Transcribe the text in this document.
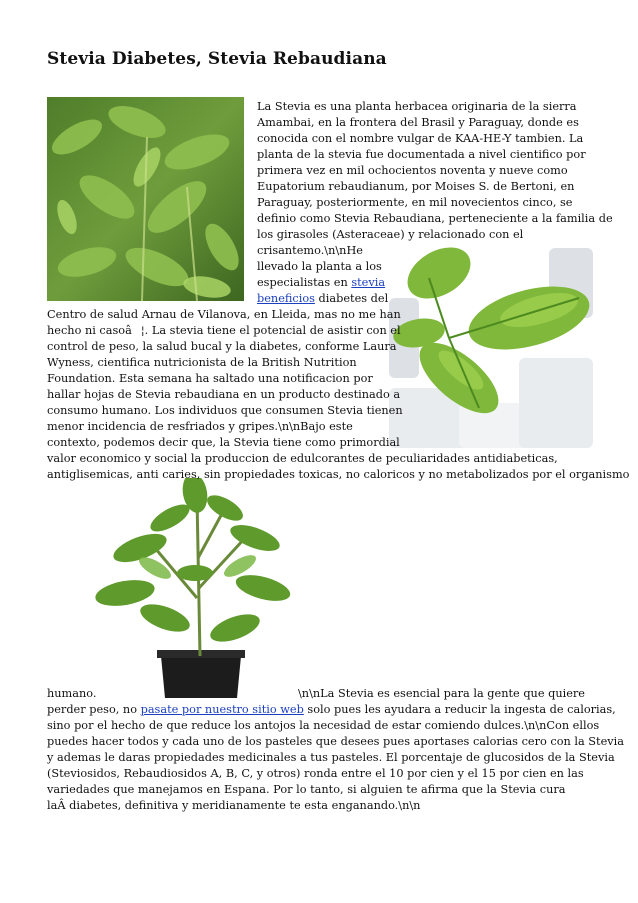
Stevia Diabetes, Stevia Rebaudiana

La Stevia es una planta herbacea originaria de la sierra

Amambai, en la frontera del Brasil y Paraguay, donde es

conocida con el nombre vulgar de KAA-HE-Y tambien. La

planta de la stevia fue documentada a nivel cientifico por

primera vez en mil ochocientos noventa y nueve como

Eupatorium rebaudianum, por Moises S. de Bertoni, en

Paraguay, posteriormente, en mil novecientos cinco, se

definio como Stevia Rebaudiana, perteneciente a la familia de

los girasoles (Asteraceae) y relacionado con el

crisantemo.\n\nHe

llevado la planta a los

especialistas en stevia

beneficios diabetes del

Centro de salud Arnau de Vilanova, en Lleida, mas no me han

hecho ni casoâ¦. La stevia tiene el potencial de asistir con el

control de peso, la salud bucal y la diabetes, conforme Laura

Wyness, cientifica nutricionista de la British Nutrition

Foundation. Esta semana ha saltado una notificacion por

hallar hojas de Stevia rebaudiana en un producto destinado a

consumo humano. Los individuos que consumen Stevia tienen

menor incidencia de resfriados y gripes.\n\nBajo este

contexto, podemos decir que, la Stevia tiene como primordial

valor economico y social la produccion de edulcorantes de peculiaridades antidiabeticas,

antiglisemicas, anti caries, sin propiedades toxicas, no caloricos y no metabolizados por el organismo

humano.	\n\nLa Stevia es esencial para la gente que quiere

perder peso, no pasate por nuestro sitio web solo pues les ayudara a reducir la ingesta de calorias,

sino por el hecho de que reduce los antojos la necesidad de estar comiendo dulces.\n\nCon ellos

puedes hacer todos y cada uno de los pasteles que desees pues aportases calorias cero con la Stevia

y ademas le daras propiedades medicinales a tus pasteles. El porcentaje de glucosidos de la Stevia

(Steviosidos, Rebaudiosidos A, B, C, y otros) ronda entre el 10 por cien y el 15 por cien en las

variedades que manejamos en Espana. Por lo tanto, si alguien te afirma que la Stevia cura

laÂ diabetes, definitiva y meridianamente te esta enganando.\n\n
